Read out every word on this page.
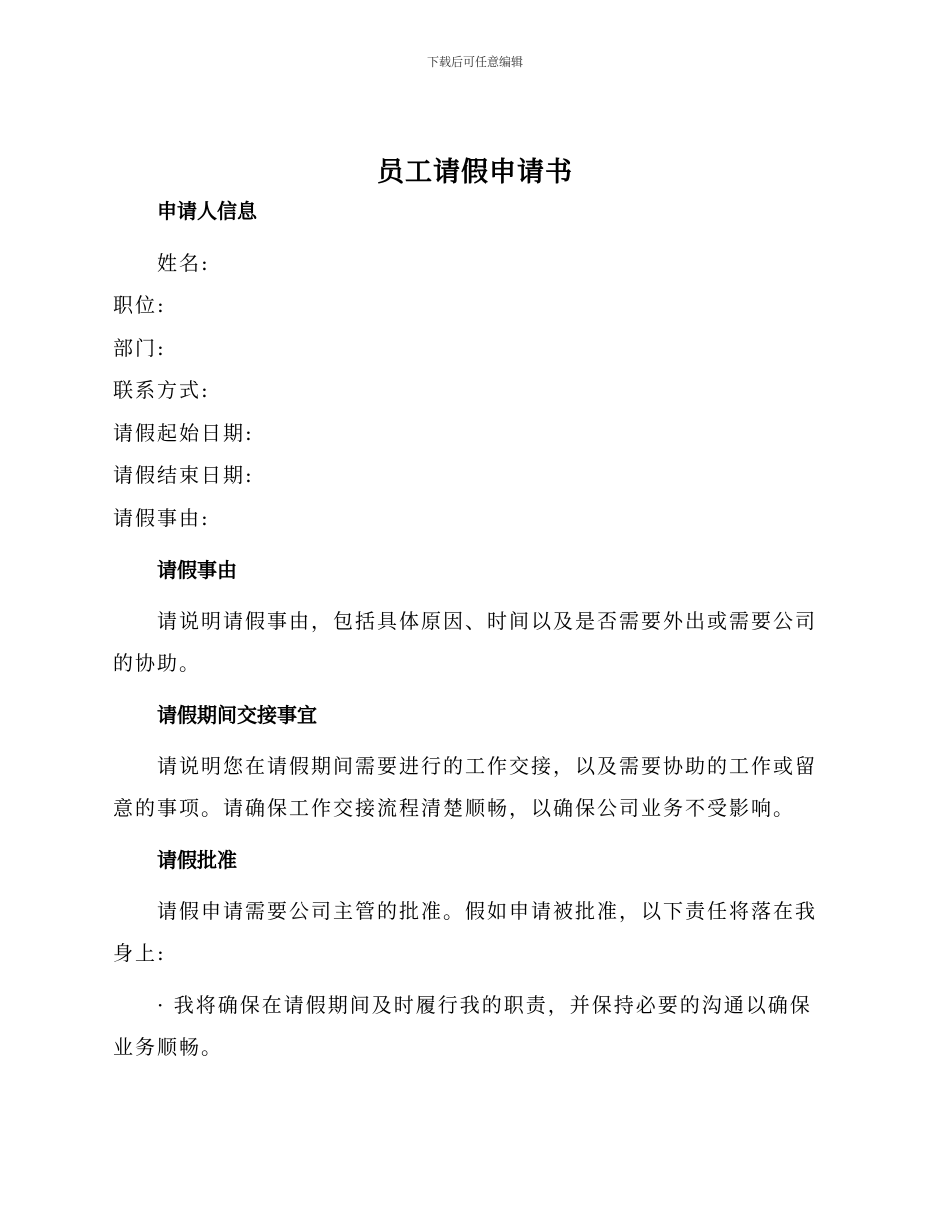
下载后可任意编辑
员工请假申请书
申请人信息
姓名:
职位:
部门:
联系方式:
请假起始日期:
请假结束日期:
请假事由:
请假事由

请说明请假事由，包括具体原因、时间以及是否需要外出或需要公司的协助。

请假期间交接事宜

请说明您在请假期间需要进行的工作交接，以及需要协助的工作或留意的事项。请确保工作交接流程清楚顺畅，以确保公司业务不受影响。

请假批准

请假申请需要公司主管的批准。假如申请被批准，以下责任将落在我身上:

· 我将确保在请假期间及时履行我的职责，并保持必要的沟通以确保业务顺畅。
